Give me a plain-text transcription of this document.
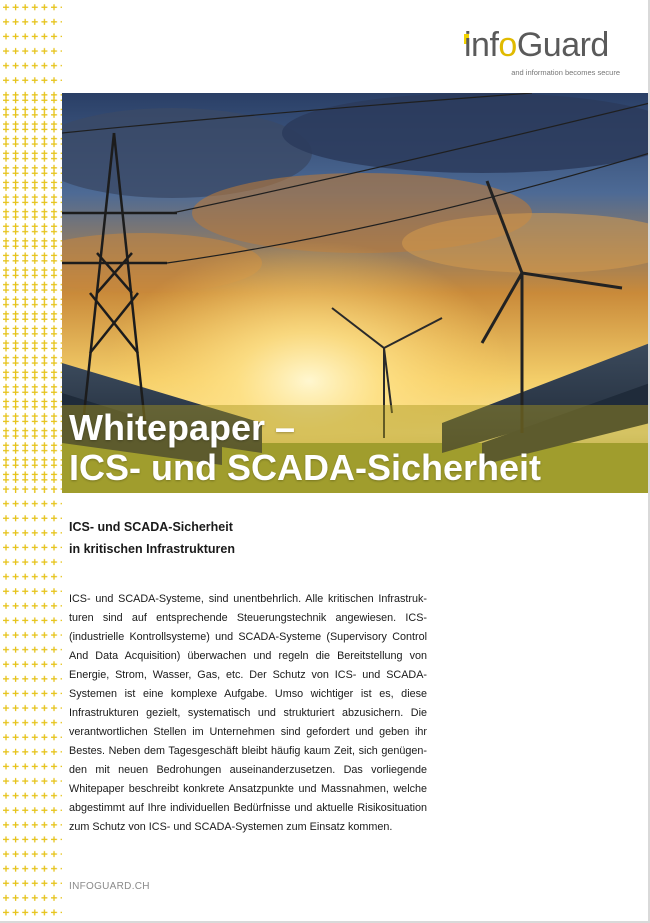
infoGuard
and information becomes secure
Whitepaper –
ICS- und SCADA-Sicherheit
ICS- und SCADA-Sicherheit
in kritischen Infrastrukturen
ICS- und SCADA-Systeme, sind unentbehrlich. Alle kritischen Infrastruk-turen sind auf entsprechende Steuerungstechnik angewiesen. ICS- (industrielle Kontrollsysteme) und SCADA-Systeme (Supervisory Control And Data Acquisition) überwachen und regeln die Bereitstellung von Energie, Strom, Wasser, Gas, etc. Der Schutz von ICS- und SCADA-Systemen ist eine komplexe Aufgabe. Umso wichtiger ist es, diese Infrastrukturen gezielt, systematisch und strukturiert abzusichern. Die verantwortlichen Stellen im Unternehmen sind gefordert und geben ihr Bestes. Neben dem Tagesgeschäft bleibt häufig kaum Zeit, sich genügen-den mit neuen Bedrohungen auseinanderzusetzen. Das vorliegende Whitepaper beschreibt konkrete Ansatzpunkte und Massnahmen, welche abgestimmt auf Ihre individuellen Bedürfnisse und aktuelle Risikosituation zum Schutz von ICS- und SCADA-Systemen zum Einsatz kommen.
INFOGUARD.CH
